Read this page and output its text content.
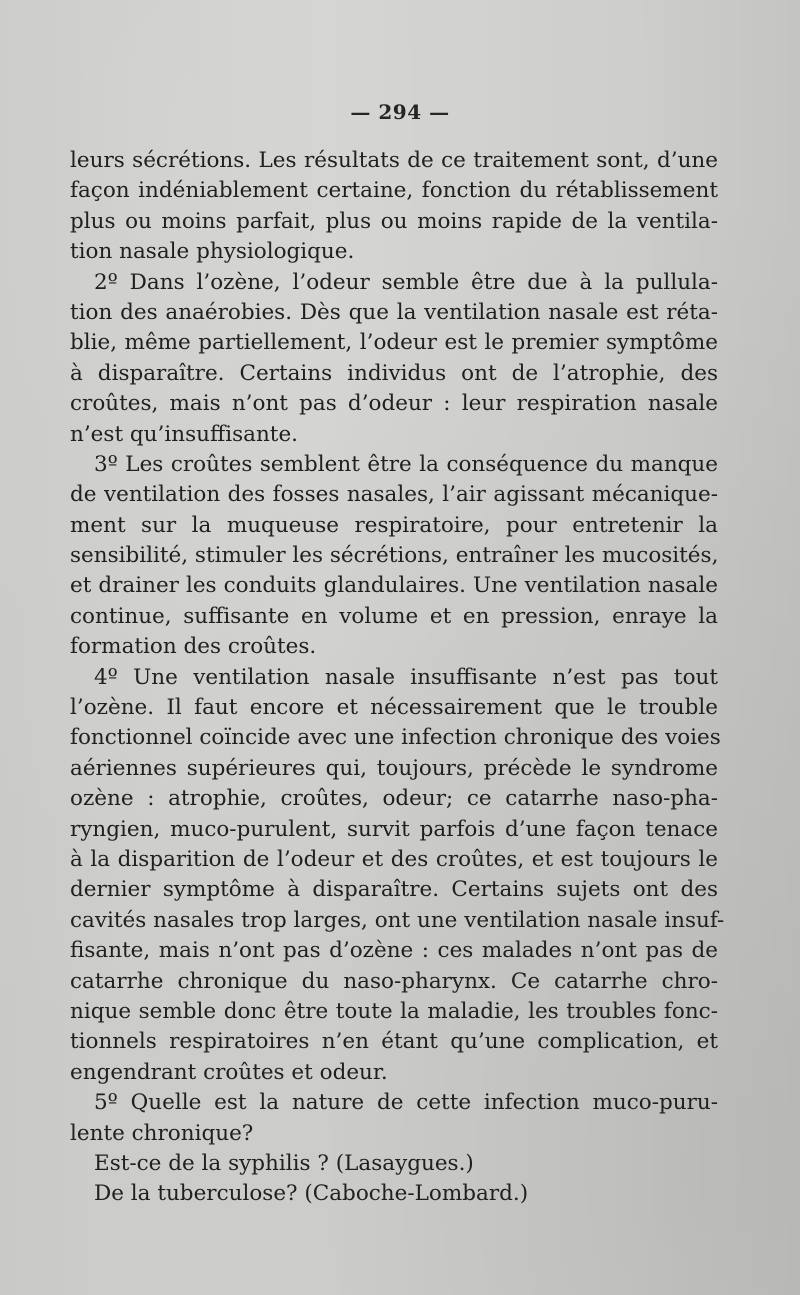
— 294 —
leurs sécrétions. Les résultats de ce traitement sont, d’une
façon indéniablement certaine, fonction du rétablissement
plus ou moins parfait, plus ou moins rapide de la ventila-
tion nasale physiologique.
2º Dans l’ozène, l’odeur semble être due à la pullula-
tion des anaérobies. Dès que la ventilation nasale est réta-
blie, même partiellement, l’odeur est le premier symptôme
à disparaître. Certains individus ont de l’atrophie, des
croûtes, mais n’ont pas d’odeur : leur respiration nasale
n’est qu’insuffisante.
3º Les croûtes semblent être la conséquence du manque
de ventilation des fosses nasales, l’air agissant mécanique-
ment sur la muqueuse respiratoire, pour entretenir la
sensibilité, stimuler les sécrétions, entraîner les mucosités,
et drainer les conduits glandulaires. Une ventilation nasale
continue, suffisante en volume et en pression, enraye la
formation des croûtes.
4º Une ventilation nasale insuffisante n’est pas tout
l’ozène. Il faut encore et nécessairement que le trouble
fonctionnel coïncide avec une infection chronique des voies
aériennes supérieures qui, toujours, précède le syndrome
ozène : atrophie, croûtes, odeur; ce catarrhe naso-pha-
ryngien, muco-purulent, survit parfois d’une façon tenace
à la disparition de l’odeur et des croûtes, et est toujours le
dernier symptôme à disparaître. Certains sujets ont des
cavités nasales trop larges, ont une ventilation nasale insuf-
fisante, mais n’ont pas d’ozène : ces malades n’ont pas de
catarrhe chronique du naso-pharynx. Ce catarrhe chro-
nique semble donc être toute la maladie, les troubles fonc-
tionnels respiratoires n’en étant qu’une complication, et
engendrant croûtes et odeur.
5º Quelle est la nature de cette infection muco-puru-
lente chronique?
Est-ce de la syphilis ? (Lasaygues.)
De la tuberculose? (Caboche-Lombard.)
